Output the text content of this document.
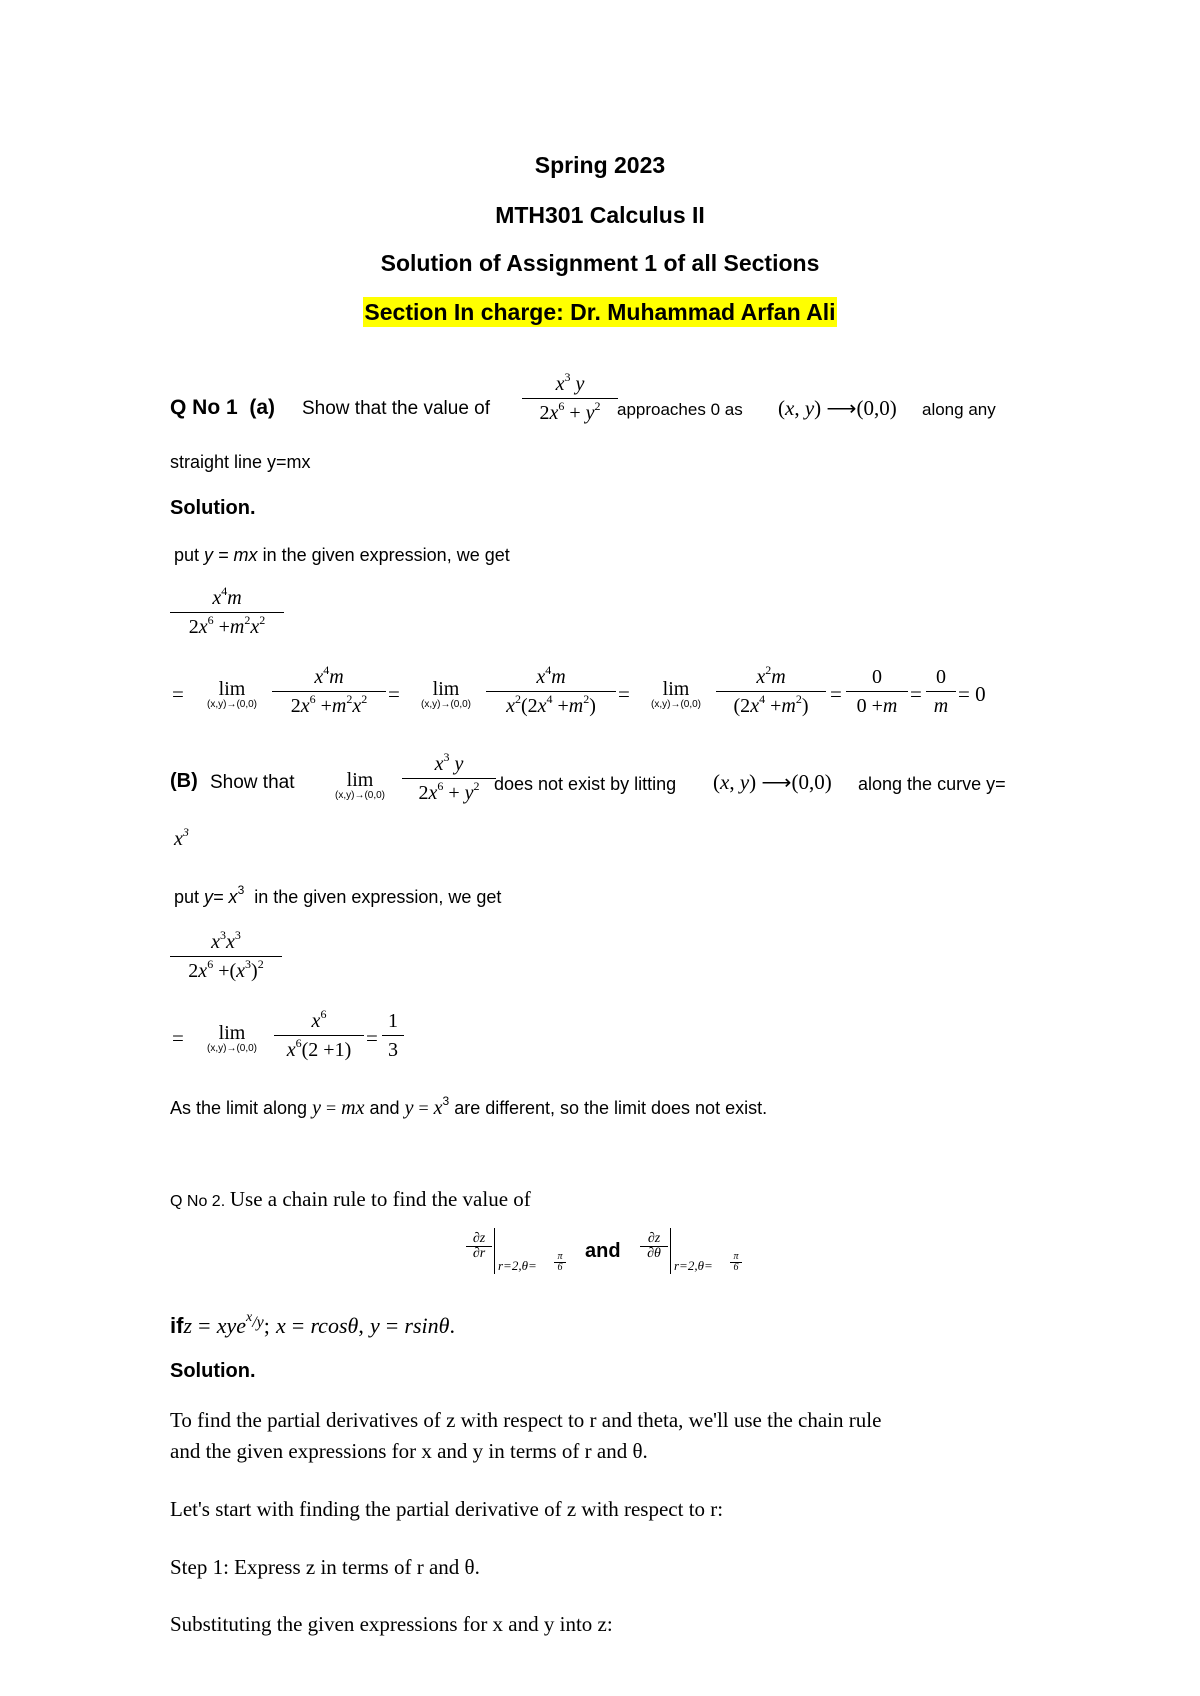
Spring 2023
MTH301 Calculus II
Solution of Assignment 1 of all Sections
Section In charge: Dr. Muhammad Arfan Ali
Q No 1 (a) Show that the value of $\frac{x^3 y}{2x^6 + y^2}$ approaches 0 as (x, y) ⟶(0,0) along any
straight line y=mx
Solution.
put y = mx in the given expression, we get
$\frac{x^4m}{2x^6 +m^2x^2}$
=	lim
$(x,y)\to(0,0) \frac{x^4m}{2x^6 +m^2x^2}$ =	lim
$(x,y)\to(0,0) \frac{x^4m}{x^2(2x^4 +m^2)}$ =	lim
$(x,y)\to(0,0) \frac{x^2m}{(2x^4 +m^2)} = \frac{0}{0 +m} = \frac{0}{m} = 0$
(B) Show that	lim
$(x,y)\to(0,0) \frac{x^3 y}{2x^6 + y^2}$
does not exist by litting (x, y) ⟶(0,0) along the curve y=
$x^3$
put $y= x^3$ in the given expression, we get
$\frac{x^3x^3}{2x^6 +(x^3)^2}$
=	lim
$(x,y)\to(0,0) \frac{x^6}{x^6(2 +1)} = \frac{1}{3}$
As the limit along y = mx and $y = x^3$ are different, so the limit does not exist.
Q No 2. Use a chain rule to find the value of
∂z
∂r
r=2,θ=
π
6
and
∂z
∂θ
r=2,θ=
π
6
ifz = xye$^{x/y}$; x = rcosθ, y = rsinθ.
Solution.
To find the partial derivatives of z with respect to r and theta, we'll use the chain rule
and the given expressions for x and y in terms of r and θ.
Let's start with finding the partial derivative of z with respect to r:
Step 1: Express z in terms of r and θ.
Substituting the given expressions for x and y into z:
